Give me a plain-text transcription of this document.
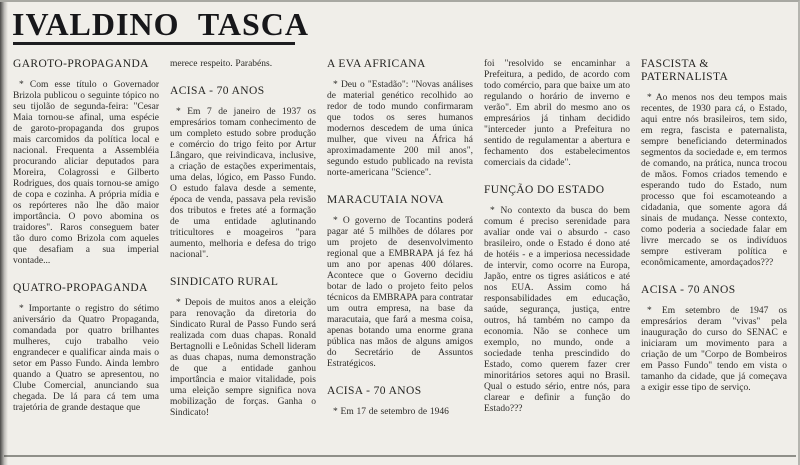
IVALDINO TASCA
GAROTO-PROPAGANDA

* Com esse título o Governador Brizola publicou o seguinte tópico no seu tijolão de segunda-feira: "Cesar Maia tornou-se afinal, uma espécie de garoto-propaganda dos grupos mais carcomidos da política local e nacional. Frequenta a Assembléia procurando aliciar deputados para Moreira, Colagrossi e Gilberto Rodrigues, dos quais tornou-se amigo de copa e cozinha. A própria mídia e os repórteres não lhe dão maior importância. O povo abomina os traidores". Raros conseguem bater tão duro como Brizola com aqueles que desafiam a sua imperial vontade...

QUATRO-PROPAGANDA

* Importante o registro do sétimo aniversário da Quatro Propaganda, comandada por quatro brilhantes mulheres, cujo trabalho veio engrandecer e qualificar ainda mais o setor em Passo Fundo. Ainda lembro quando a Quatro se apresentou, no Clube Comercial, anunciando sua chegada. De lá para cá tem uma trajetória de grande destaque que

merece respeito. Parabéns.

ACISA - 70 ANOS

* Em 7 de janeiro de 1937 os empresários tomam conhecimento de um completo estudo sobre produção e comércio do trigo feito por Artur Lângaro, que reivindicava, inclusive, a criação de estações experimentais, uma delas, lógico, em Passo Fundo. O estudo falava desde a semente, época de venda, passava pela revisão dos tributos e fretes até a formação de uma entidade aglutinando triticultores e moageiros "para aumento, melhoria e defesa do trigo nacional".

SINDICATO RURAL

* Depois de muitos anos a eleição para renovação da diretoria do Sindicato Rural de Passo Fundo será realizada com duas chapas. Ronald Bertagnolli e Leônidas Schell lideram as duas chapas, numa demonstração de que a entidade ganhou importância e maior vitalidade, pois uma eleição sempre significa nova mobilização de forças. Ganha o Sindicato!

A EVA AFRICANA

* Deu o "Estadão": "Novas análises de material genético recolhido ao redor de todo mundo confirmaram que todos os seres humanos modernos descedem de uma única mulher, que viveu na África há aproximadamente 200 mil anos", segundo estudo publicado na revista norte-americana "Science".

MARACUTAIA NOVA

* O governo de Tocantins poderá pagar até 5 milhões de dólares por um projeto de desenvolvimento regional que a EMBRAPA já fez há um ano por apenas 400 dólares. Acontece que o Governo decidiu botar de lado o projeto feito pelos técnicos da EMBRAPA para contratar um outra empresa, na base da maracutaia, que fará a mesma coisa, apenas botando uma enorme grana pública nas mãos de alguns amigos do Secretário de Assuntos Estratégicos.

ACISA - 70 ANOS

* Em 17 de setembro de 1946

foi "resolvido se encaminhar a Prefeitura, a pedido, de acordo com todo comércio, para que baixe um ato regulando o horário de inverno e verão". Em abril do mesmo ano os empresários já tinham decidido "interceder junto a Prefeitura no sentido de regulamentar a abertura e fechamento dos estabelecimentos comerciais da cidade".

FUNÇÃO DO ESTADO

* No contexto da busca do bem comum é preciso serenidade para avaliar onde vai o absurdo - caso brasileiro, onde o Estado é dono até de hotéis - e a imperiosa necessidade de intervir, como ocorre na Europa, Japão, entre os tigres asiáticos e até nos EUA. Assim como há responsabilidades em educação, saúde, segurança, justiça, entre outros, há também no campo da economia. Não se conhece um exemplo, no mundo, onde a sociedade tenha prescindido do Estado, como querem fazer crer minoritários setores aqui no Brasil. Qual o estudo sério, entre nós, para clarear e definir a função do Estado???

FASCISTA & PATERNALISTA

* Ao menos nos deu tempos mais recentes, de 1930 para cá, o Estado, aqui entre nós brasileiros, tem sido, em regra, fascista e paternalista, sempre beneficiando determinados segmentos da sociedade e, em termos de comando, na prática, nunca trocou de mãos. Fomos criados temendo e esperando tudo do Estado, num processo que foi escamoteando a cidadania, que somente agora dá sinais de mudança. Nesse contexto, como poderia a sociedade falar em livre mercado se os indivíduos sempre estiveram política e econômicamente, amordaçados???

ACISA - 70 ANOS

* Em setembro de 1947 os empresários deram "vivas" pela inauguração do curso do SENAC e iniciaram um movimento para a criação de um "Corpo de Bombeiros em Passo Fundo" tendo em vista o tamanho da cidade, que já começava a exigir esse tipo de serviço.
